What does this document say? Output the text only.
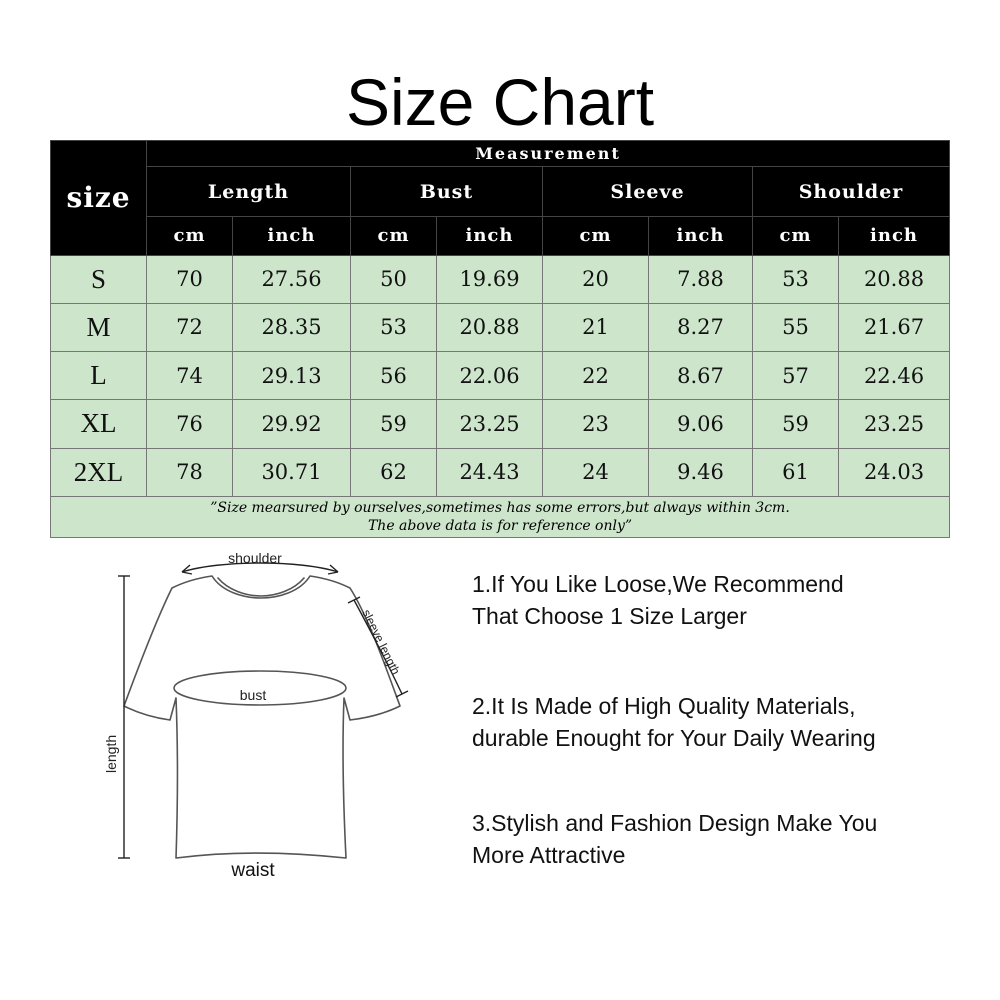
Size Chart
size	Measurement							
	Length		Bust		Sleeve		Shoulder	
	cm	inch	cm	inch	cm	inch	cm	inch
S	70	27.56	50	19.69	20	7.88	53	20.88
M	72	28.35	53	20.88	21	8.27	55	21.67
L	74	29.13	56	22.06	22	8.67	57	22.46
XL	76	29.92	59	23.25	23	9.06	59	23.25
2XL	78	30.71	62	24.43	24	9.46	61	24.03

”Size mearsured by ourselves,sometimes has some errors,but always within 3cm.
The above data is for reference only”								
shoulder
bust
waist
length
sleeve length
1.If You Like Loose,We Recommend
That Choose 1 Size Larger
2.It Is Made of High Quality Materials,
durable Enought for Your Daily Wearing
3.Stylish and Fashion Design Make You
More Attractive
